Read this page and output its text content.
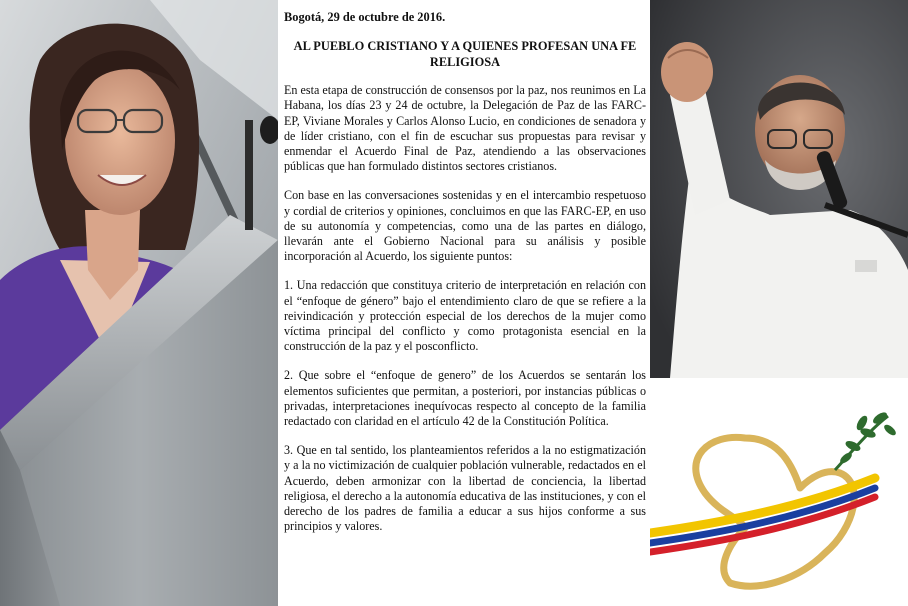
Bogotá, 29 de octubre de 2016.
AL PUEBLO CRISTIANO Y A QUIENES PROFESAN UNA FE RELIGIOSA

En esta etapa de construcción de consensos por la paz, nos reunimos en La Habana, los días 23 y 24 de octubre, la Delegación de Paz de las FARC-EP, Viviane Morales y Carlos Alonso Lucio, en condiciones de senadora y de líder cristiano, con el fin de escuchar sus propuestas para revisar y enmendar el Acuerdo Final de Paz, atendiendo a las observaciones públicas que han formulado distintos sectores cristianos.

Con base en las conversaciones sostenidas y en el intercambio respetuoso y cordial de criterios y opiniones, concluimos en que las FARC-EP, en uso de su autonomía y competencias, como una de las partes en diálogo, llevarán ante el Gobierno Nacional para su análisis y posible incorporación al Acuerdo, los siguiente puntos:

1. Una redacción que constituya criterio de interpretación en relación con el “enfoque de género” bajo el entendimiento claro de que se refiere a la reivindicación y protección especial de los derechos de la mujer como víctima principal del conflicto y como protagonista esencial en la construcción de la paz y el posconflicto.

2. Que sobre el “enfoque de genero” de los Acuerdos se sentarán los elementos suficientes que permitan, a posteriori, por instancias públicas o privadas, interpretaciones inequívocas respecto al concepto de la familia redactado con claridad en el artículo 42 de la Constitución Política.

3. Que en tal sentido, los planteamientos referidos a la no estigmatización y a la no victimización de cualquier población vulnerable, redactados en el Acuerdo, deben armonizar con la libertad de conciencia, la libertad religiosa, el derecho a la autonomía educativa de las instituciones, y con el derecho de los padres de familia a educar a sus hijos conforme a sus principios y valores.
